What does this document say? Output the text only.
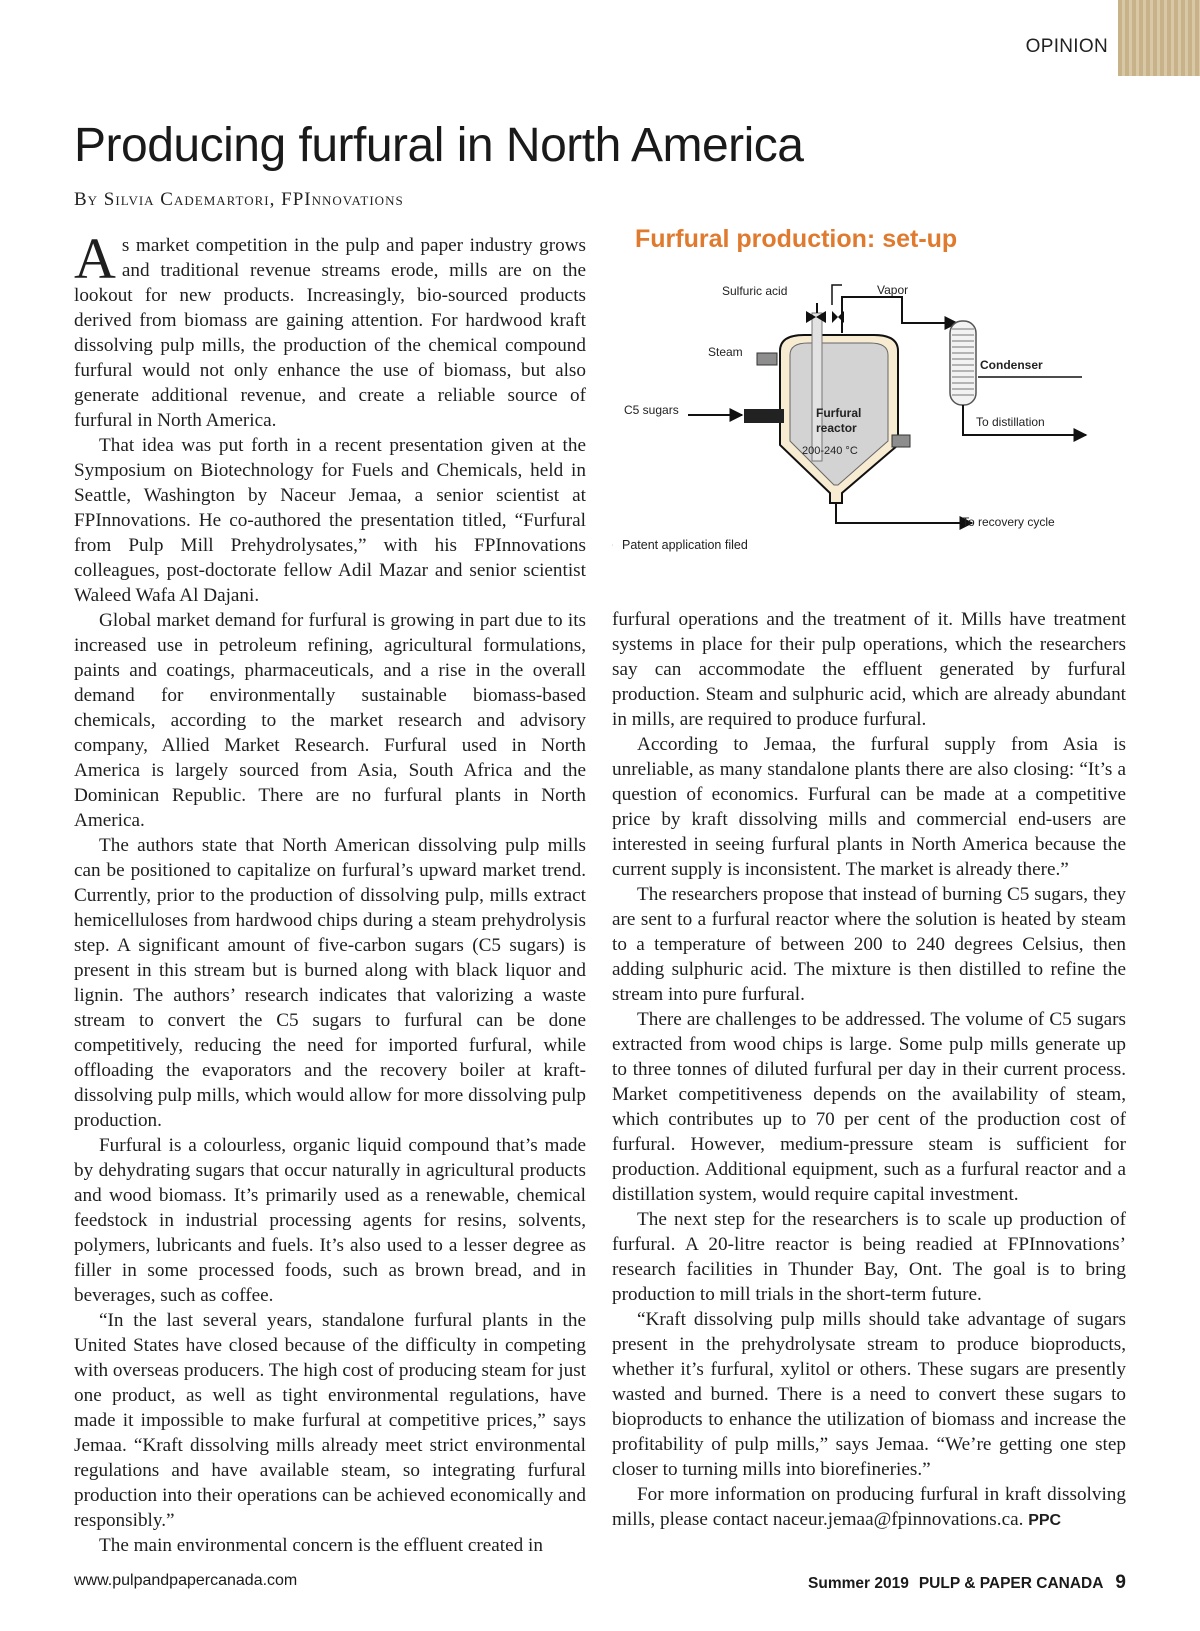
OPINION
Producing furfural in North America
By Silvia Cademartori, FPInnovations

As market competition in the pulp and paper industry grows and traditional revenue streams erode, mills are on the lookout for new products. Increasingly, bio-sourced products derived from biomass are gaining attention. For hardwood kraft dissolving pulp mills, the production of the chemical compound furfural would not only enhance the use of biomass, but also generate additional revenue, and create a reliable source of furfural in North America.

That idea was put forth in a recent presentation given at the Symposium on Biotechnology for Fuels and Chemicals, held in Seattle, Washington by Naceur Jemaa, a senior scientist at FPInnovations. He co-authored the presentation titled, “Furfural from Pulp Mill Prehydrolysates,” with his FPInnovations colleagues, post-doctorate fellow Adil Mazar and senior scientist Waleed Wafa Al Dajani.

Global market demand for furfural is growing in part due to its increased use in petroleum refining, agricultural formulations, paints and coatings, pharmaceuticals, and a rise in the overall demand for environmentally sustainable biomass-based chemicals, according to the market research and advisory company, Allied Market Research. Furfural used in North America is largely sourced from Asia, South Africa and the Dominican Republic. There are no furfural plants in North America.

The authors state that North American dissolving pulp mills can be positioned to capitalize on furfural’s upward market trend. Currently, prior to the production of dissolving pulp, mills extract hemicelluloses from hardwood chips during a steam prehydrolysis step. A significant amount of five-carbon sugars (C5 sugars) is present in this stream but is burned along with black liquor and lignin. The authors’ research indicates that valorizing a waste stream to convert the C5 sugars to furfural can be done competitively, reducing the need for imported furfural, while offloading the evaporators and the recovery boiler at kraft-dissolving pulp mills, which would allow for more dissolving pulp production.

Furfural is a colourless, organic liquid compound that’s made by dehydrating sugars that occur naturally in agricultural products and wood biomass. It’s primarily used as a renewable, chemical feedstock in industrial processing agents for resins, solvents, polymers, lubricants and fuels. It’s also used to a lesser degree as filler in some processed foods, such as brown bread, and in beverages, such as coffee.

“In the last several years, standalone furfural plants in the United States have closed because of the difficulty in competing with overseas producers. The high cost of producing steam for just one product, as well as tight environmental regulations, have made it impossible to make furfural at competitive prices,” says Jemaa. “Kraft dissolving mills already meet strict environmental regulations and have available steam, so integrating furfural production into their operations can be achieved economically and responsibly.”

The main environmental concern is the effluent created in

Furfural production: set-up
Sulfuric acid	Vapor
Steam
Condenser
C5 sugars	Furfural
reactor
200-240 °C
To distillation
To recovery cycle
Patent application filed

furfural operations and the treatment of it. Mills have treatment systems in place for their pulp operations, which the researchers say can accommodate the effluent generated by furfural production. Steam and sulphuric acid, which are already abundant in mills, are required to produce furfural.

According to Jemaa, the furfural supply from Asia is unreliable, as many standalone plants there are also closing: “It’s a question of economics. Furfural can be made at a competitive price by kraft dissolving mills and commercial end-users are interested in seeing furfural plants in North America because the current supply is inconsistent. The market is already there.”

The researchers propose that instead of burning C5 sugars, they are sent to a furfural reactor where the solution is heated by steam to a temperature of between 200 to 240 degrees Celsius, then adding sulphuric acid. The mixture is then distilled to refine the stream into pure furfural.

There are challenges to be addressed. The volume of C5 sugars extracted from wood chips is large. Some pulp mills generate up to three tonnes of diluted furfural per day in their current process. Market competitiveness depends on the availability of steam, which contributes up to 70 per cent of the production cost of furfural. However, medium-pressure steam is sufficient for production. Additional equipment, such as a furfural reactor and a distillation system, would require capital investment.

The next step for the researchers is to scale up production of furfural. A 20-litre reactor is being readied at FPInnovations’ research facilities in Thunder Bay, Ont. The goal is to bring production to mill trials in the short-term future.

“Kraft dissolving pulp mills should take advantage of sugars present in the prehydrolysate stream to produce bioproducts, whether it’s furfural, xylitol or others. These sugars are presently wasted and burned. There is a need to convert these sugars to bioproducts to enhance the utilization of biomass and increase the profitability of pulp mills,” says Jemaa. “We’re getting one step closer to turning mills into biorefineries.”

For more information on producing furfural in kraft dissolving mills, please contact naceur.jemaa@fpinnovations.ca. PPC

www.pulpandpapercanada.com	Summer 2019 PULP & PAPER CANADA 9
